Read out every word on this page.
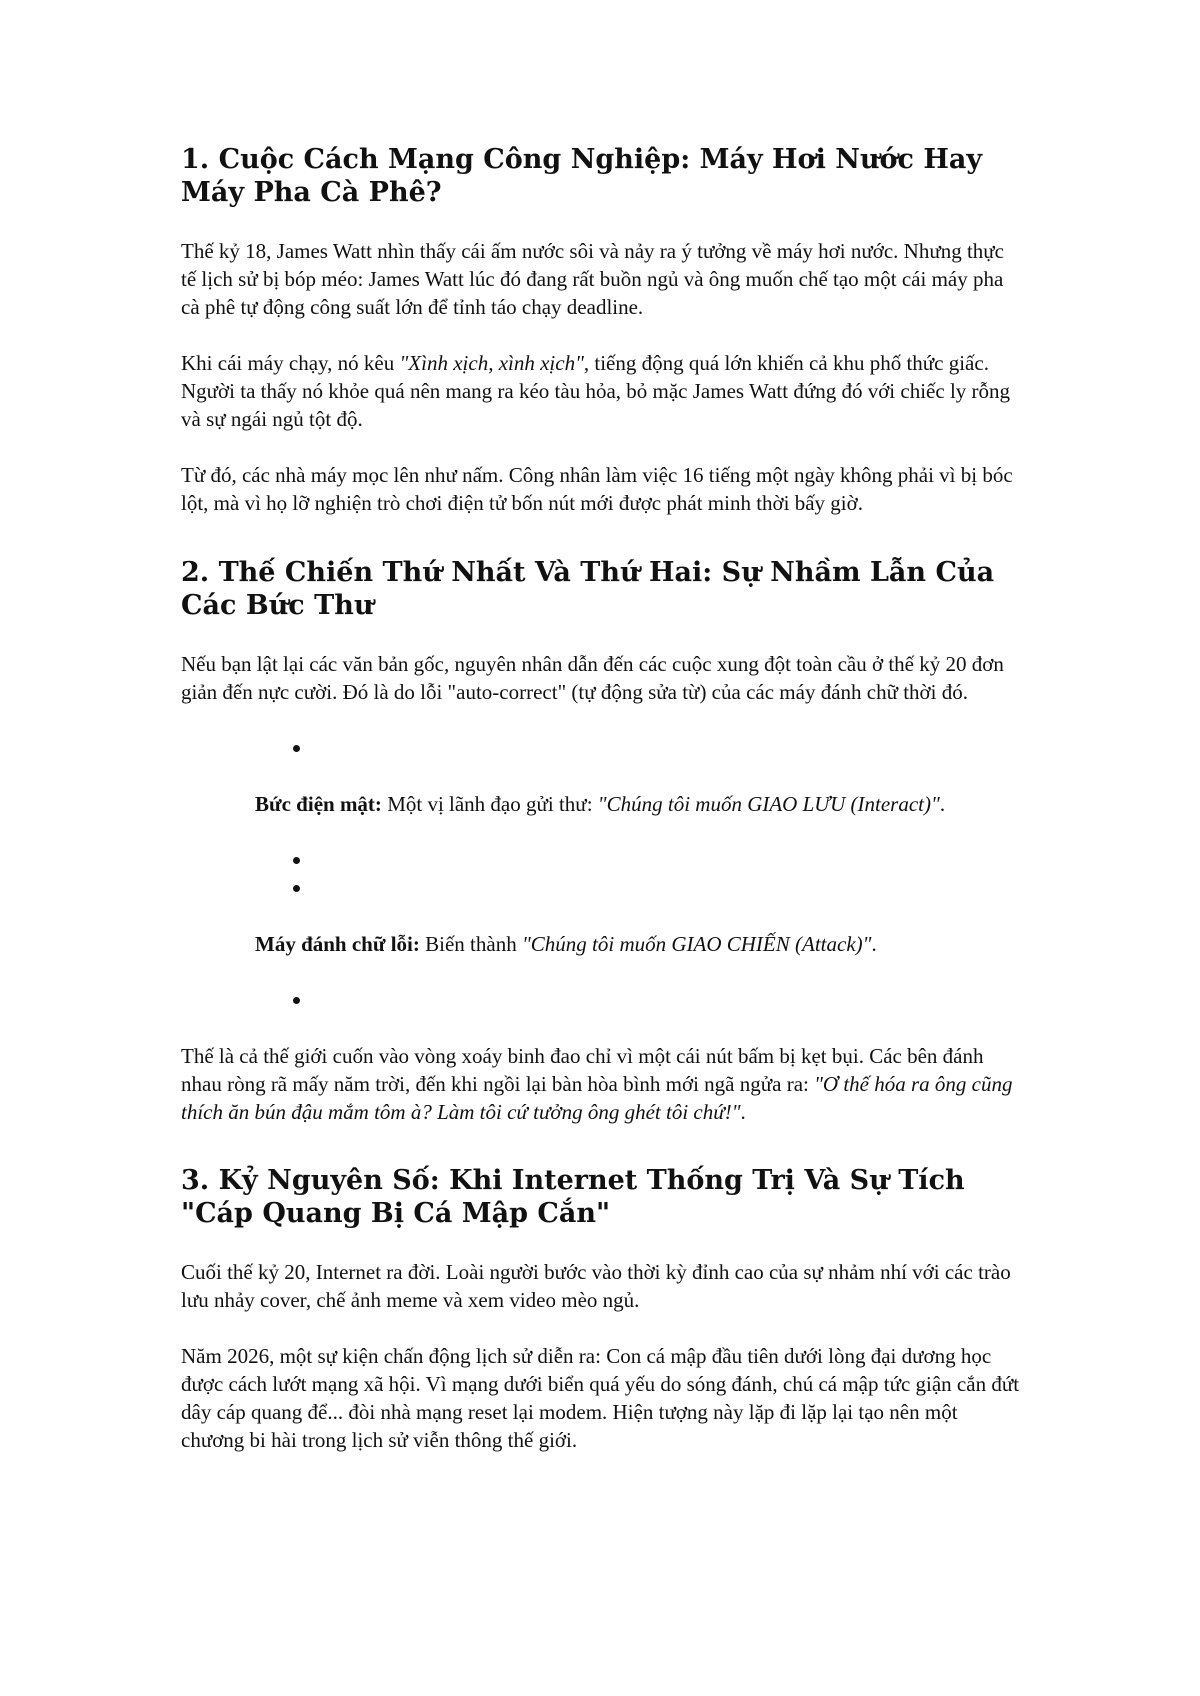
1. Cuộc Cách Mạng Công Nghiệp: Máy Hơi Nước Hay Máy Pha Cà Phê?

Thế kỷ 18, James Watt nhìn thấy cái ấm nước sôi và nảy ra ý tưởng về máy hơi nước. Nhưng thực tế lịch sử bị bóp méo: James Watt lúc đó đang rất buồn ngủ và ông muốn chế tạo một cái máy pha cà phê tự động công suất lớn để tỉnh táo chạy deadline.

Khi cái máy chạy, nó kêu "Xình xịch, xình xịch", tiếng động quá lớn khiến cả khu phố thức giấc. Người ta thấy nó khỏe quá nên mang ra kéo tàu hỏa, bỏ mặc James Watt đứng đó với chiếc ly rỗng và sự ngái ngủ tột độ.

Từ đó, các nhà máy mọc lên như nấm. Công nhân làm việc 16 tiếng một ngày không phải vì bị bóc lột, mà vì họ lỡ nghiện trò chơi điện tử bốn nút mới được phát minh thời bấy giờ.

2. Thế Chiến Thứ Nhất Và Thứ Hai: Sự Nhầm Lẫn Của Các Bức Thư

Nếu bạn lật lại các văn bản gốc, nguyên nhân dẫn đến các cuộc xung đột toàn cầu ở thế kỷ 20 đơn giản đến nực cười. Đó là do lỗi "auto-correct" (tự động sửa từ) của các máy đánh chữ thời đó.

Bức điện mật: Một vị lãnh đạo gửi thư: "Chúng tôi muốn GIAO LƯU (Interact)".

Máy đánh chữ lỗi: Biến thành "Chúng tôi muốn GIAO CHIẾN (Attack)".

Thế là cả thế giới cuốn vào vòng xoáy binh đao chỉ vì một cái nút bấm bị kẹt bụi. Các bên đánh nhau ròng rã mấy năm trời, đến khi ngồi lại bàn hòa bình mới ngã ngửa ra: "Ơ thế hóa ra ông cũng thích ăn bún đậu mắm tôm à? Làm tôi cứ tưởng ông ghét tôi chứ!".

3. Kỷ Nguyên Số: Khi Internet Thống Trị Và Sự Tích "Cáp Quang Bị Cá Mập Cắn"

Cuối thế kỷ 20, Internet ra đời. Loài người bước vào thời kỳ đỉnh cao của sự nhảm nhí với các trào lưu nhảy cover, chế ảnh meme và xem video mèo ngủ.

Năm 2026, một sự kiện chấn động lịch sử diễn ra: Con cá mập đầu tiên dưới lòng đại dương học được cách lướt mạng xã hội. Vì mạng dưới biển quá yếu do sóng đánh, chú cá mập tức giận cắn đứt dây cáp quang để... đòi nhà mạng reset lại modem. Hiện tượng này lặp đi lặp lại tạo nên một chương bi hài trong lịch sử viễn thông thế giới.
